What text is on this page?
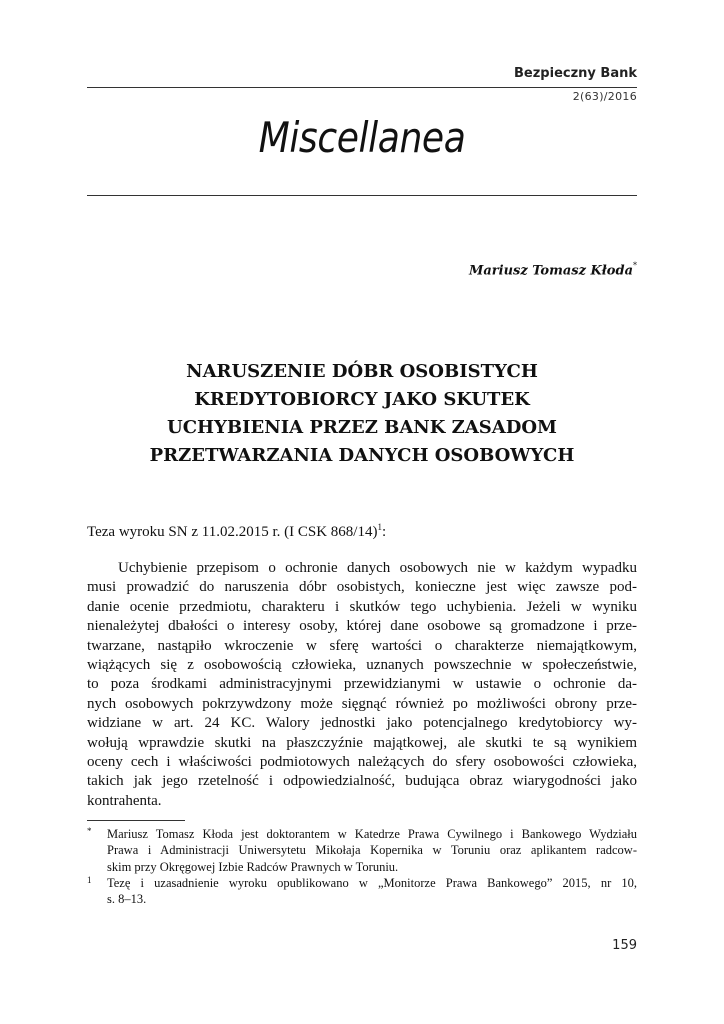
Bezpieczny Bank
2(63)/2016
Miscellanea
Mariusz Tomasz Kłoda*
NARUSZENIE DÓBR OSOBISTYCH
KREDYTOBIORCY JAKO SKUTEK
UCHYBIENIA PRZEZ BANK ZASADOM
PRZETWARZANIA DANYCH OSOBOWYCH
Teza wyroku SN z 11.02.2015 r. (I CSK 868/14)$^1$:
Uchybienie przepisom o ochronie danych osobowych nie w każdym wypadku
musi prowadzić do naruszenia dóbr osobistych, konieczne jest więc zawsze pod-
danie ocenie przedmiotu, charakteru i skutków tego uchybienia. Jeżeli w wyniku
nienależytej dbałości o interesy osoby, której dane osobowe są gromadzone i prze-
twarzane, nastąpiło wkroczenie w sferę wartości o charakterze niemajątkowym,
wiążących się z osobowością człowieka, uznanych powszechnie w społeczeństwie,
to poza środkami administracyjnymi przewidzianymi w ustawie o ochronie da-
nych osobowych pokrzywdzony może sięgnąć również po możliwości obrony prze-
widziane w art. 24 KC. Walory jednostki jako potencjalnego kredytobiorcy wy-
wołują wprawdzie skutki na płaszczyźnie majątkowej, ale skutki te są wynikiem
oceny cech i właściwości podmiotowych należących do sfery osobowości człowieka,
takich jak jego rzetelność i odpowiedzialność, budująca obraz wiarygodności jako
kontrahenta.
* Mariusz Tomasz Kłoda jest doktorantem w Katedrze Prawa Cywilnego i Bankowego Wydziału
Prawa i Administracji Uniwersytetu Mikołaja Kopernika w Toruniu oraz aplikantem radcow-
skim przy Okręgowej Izbie Radców Prawnych w Toruniu.
1 Tezę i uzasadnienie wyroku opublikowano w „Monitorze Prawa Bankowego” 2015, nr 10,
s. 8–13.
159
